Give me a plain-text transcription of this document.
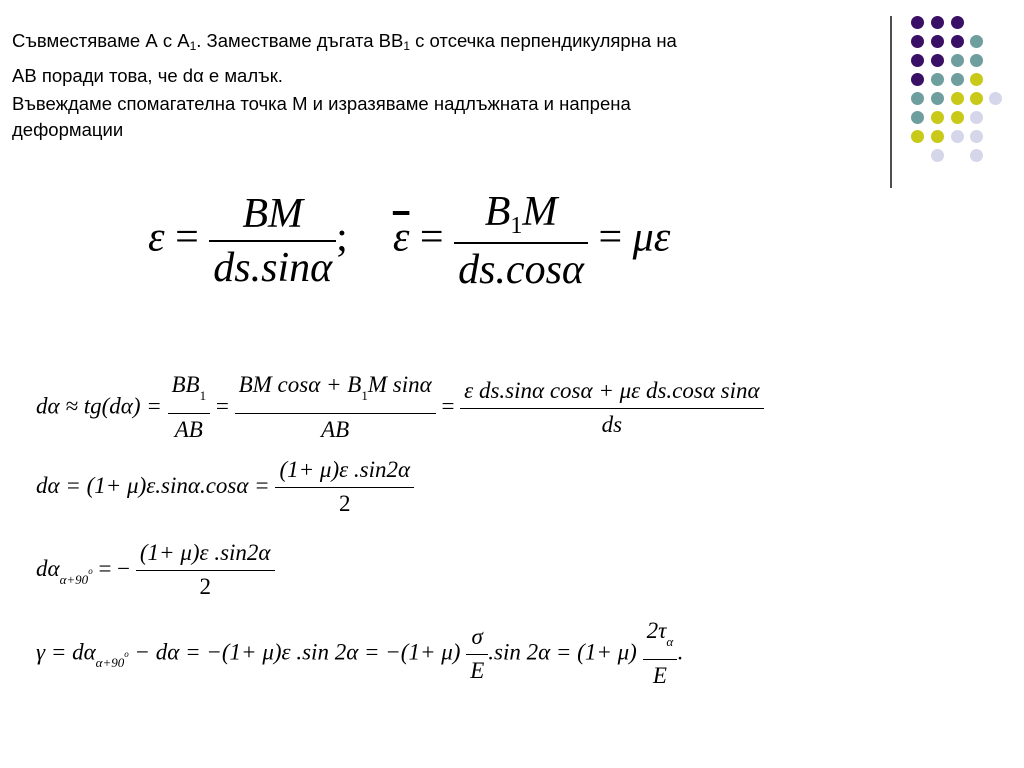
Съвместяваме А с $А_1$. Заместваме дъгата $ВВ_1$ с отсечка перпендикулярна на
АВ поради това, че dα е малък.
Въвеждаме спомагателна точка М и изразяваме надлъжната и напрена
деформации
$\varepsilon = \frac{BM}{ds.\sin\alpha}$ ; $\overline{\varepsilon} = \frac{B1M}{ds.\cos\alpha} = \mu\varepsilon$
$d\alpha \approx tg(d\alpha) = \frac{BB_1}{AB} = \frac{BM \cos\alpha + B_1M \sin\alpha}{AB} = \frac{\text{ε ds.sinα cosα + με ds.cosα sinα}}{ds}$
$d\alpha = (1+ \mu)\varepsilon.\sin\alpha.\cos\alpha = \frac{(1+ \mu)\varepsilon .\sin 2\alpha}{2}$
$d\alpha_{\alpha+90^o}$ = − $\frac{(1+ \mu)\varepsilon .\sin 2\alpha}{2}$
$\gamma = d\alpha_{\alpha+90^o} - d\alpha = -(1+ \mu)\varepsilon$ .sin $2\alpha = -(1+ \mu) \frac{\sigma}{E} .\sin$ $2\alpha = (1+ \mu) \frac{2\tau_\alpha}{E}$ .
